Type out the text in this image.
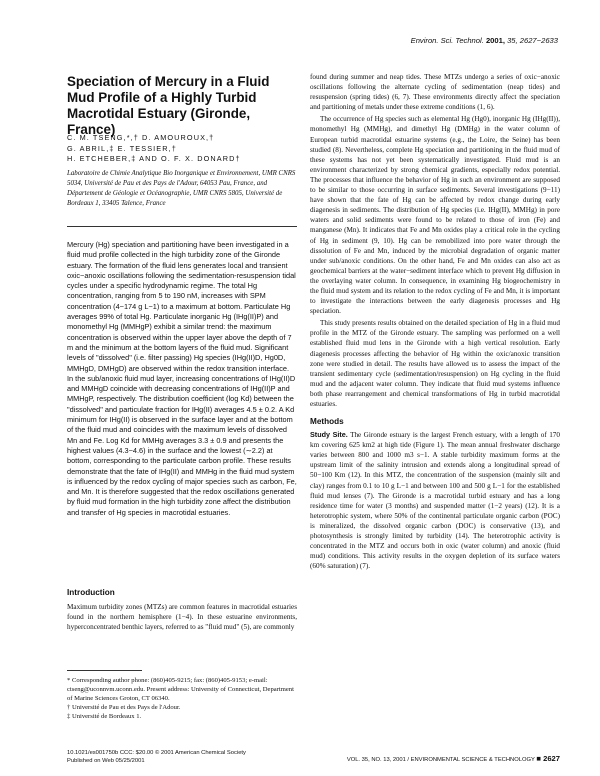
Environ. Sci. Technol. 2001, 35, 2627−2633
Speciation of Mercury in a Fluid Mud Profile of a Highly Turbid Macrotidal Estuary (Gironde, France)
C. M. TSENG,*,† D. AMOUROUX,†
G. ABRIL,‡ E. TESSIER,†
H. ETCHEBER,‡ AND O. F. X. DONARD†
Laboratoire de Chimie Analytique Bio Inorganique et Environnement, UMR CNRS 5034, Université de Pau et des Pays de l'Adour, 64053 Pau, France, and Département de Géologie et Océanographie, UMR CNRS 5805, Université de Bordeaux 1, 33405 Talence, France
Mercury (Hg) speciation and partitioning have been investigated in a fluid mud profile collected in the high turbidity zone of the Gironde estuary. The formation of the fluid lens generates local and transient oxic−anoxic oscillations following the sedimentation-resuspension tidal cycles under a specific hydrodynamic regime. The total Hg concentration, ranging from 5 to 190 nM, increases with SPM concentration (4−174 g L−1) to a maximum at bottom. Particulate Hg averages 99% of total Hg. Particulate inorganic Hg (IHg(II)P) and monomethyl Hg (MMHgP) exhibit a similar trend: the maximum concentration is observed within the upper layer above the depth of 7 m and the minimum at the bottom layers of the fluid mud. Significant levels of "dissolved" (i.e. filter passing) Hg species (IHg(II)D, Hg0D, MMHgD, DMHgD) are observed within the redox transition interface. In the sub/anoxic fluid mud layer, increasing concentrations of IHg(II)D and MMHgD coincide with decreasing concentrations of IHg(II)P and MMHgP, respectively. The distribution coefficient (log Kd) between the "dissolved" and particulate fraction for IHg(II) averages 4.5 ± 0.2. A Kd minimum for IHg(II) is observed in the surface layer and at the bottom of the fluid mud and coincides with the maximum levels of dissolved Mn and Fe. Log Kd for MMHg averages 3.3 ± 0.9 and presents the highest values (4.3−4.6) in the surface and the lowest (∼2.2) at bottom, corresponding to the particulate carbon profile. These results demonstrate that the fate of IHg(II) and MMHg in the fluid mud system is influenced by the redox cycling of major species such as carbon, Fe, and Mn. It is therefore suggested that the redox oscillations generated by fluid mud formation in the high turbidity zone affect the distribution and transfer of Hg species in macrotidal estuaries.
Introduction

Maximum turbidity zones (MTZs) are common features in macrotidal estuaries found in the northern hemisphere (1−4). In these estuarine environments, hyperconcentrated benthic layers, referred to as "fluid mud" (5), are commonly

* Corresponding author phone: (860)405-9215; fax: (860)405-9153; e-mail: ctseng@uconnvm.uconn.edu. Present address: University of Connecticut, Department of Marine Sciences Groton, CT 06340.
† Université de Pau et des Pays de l'Adour.
‡ Université de Bordeaux 1.
10.1021/es001750b CCC: $20.00 © 2001 American Chemical Society
Published on Web 05/25/2001

found during summer and neap tides. These MTZs undergo a series of oxic−anoxic oscillations following the alternate cycling of sedimentation (neap tides) and resuspension (spring tides) (6, 7). These environments directly affect the speciation and partitioning of metals under these extreme conditions (1, 6).

The occurrence of Hg species such as elemental Hg (Hg0), inorganic Hg (IHg(II)), monomethyl Hg (MMHg), and dimethyl Hg (DMHg) in the water column of European turbid macrotidal estuarine systems (e.g., the Loire, the Seine) has been studied (8). Nevertheless, complete Hg speciation and partitioning in the fluid mud of these systems has not yet been systematically investigated. Fluid mud is an environment characterized by strong chemical gradients, especially redox potential. The processes that influence the behavior of Hg in such an environment are supposed to be similar to those occurring in surface sediments. Several investigations (9−11) have shown that the fate of Hg can be affected by redox change during early diagenesis in sediments. The distribution of Hg species (i.e. IHg(II), MMHg) in pore waters and solid sediments were found to be related to those of iron (Fe) and manganese (Mn). It indicates that Fe and Mn oxides play a critical role in the cycling of Hg in sediment (9, 10). Hg can be remobilized into pore water through the dissolution of Fe and Mn, induced by the microbial degradation of organic matter under sub/anoxic conditions. On the other hand, Fe and Mn oxides can also act as geochemical barriers at the water−sediment interface which to prevent Hg diffusion in the overlaying water column. In consequence, in examining Hg biogeochemistry in the fluid mud system and its relation to the redox cycling of Fe and Mn, it is important to investigate the interactions between the early diagenesis processes and Hg speciation.

This study presents results obtained on the detailed speciation of Hg in a fluid mud profile in the MTZ of the Gironde estuary. The sampling was performed on a well established fluid mud lens in the Gironde with a high vertical resolution. Early diagenesis processes affecting the behavior of Hg within the oxic/anoxic transition zone were studied in detail. The results have allowed us to assess the impact of the transient sedimentary cycle (sedimentation/resuspension) on Hg cycling in the fluid mud and the adjacent water column. They indicate that fluid mud systems influence both phase rearrangement and chemical transformations of Hg in turbid macrotidal estuaries.

Methods

Study Site. The Gironde estuary is the largest French estuary, with a length of 170 km covering 625 km2 at high tide (Figure 1). The mean annual freshwater discharge varies between 800 and 1000 m3 s−1. A stable turbidity maximum forms at the upstream limit of the salinity intrusion and extends along a longitudinal spread of 50−100 Km (12). In this MTZ, the concentration of the suspension (mainly silt and clay) ranges from 0.1 to 10 g L−1 and between 100 and 500 g L−1 for the established fluid mud lenses (7). The Gironde is a macrotidal turbid estuary and has a long residence time for water (3 months) and suspended matter (1−2 years) (12). It is a heterotrophic system, where 50% of the continental particulate organic carbon (POC) is mineralized, the dissolved organic carbon (DOC) is conservative (13), and photosynthesis is strongly limited by turbidity (14). The heterotrophic activity is concentrated in the MTZ and occurs both in oxic (water column) and anoxic (fluid mud) conditions. This activity results in the oxygen depletion of its surface waters (60% saturation) (7).

VOL. 35, NO. 13, 2001 / ENVIRONMENTAL SCIENCE & TECHNOLOGY ■ 2627
